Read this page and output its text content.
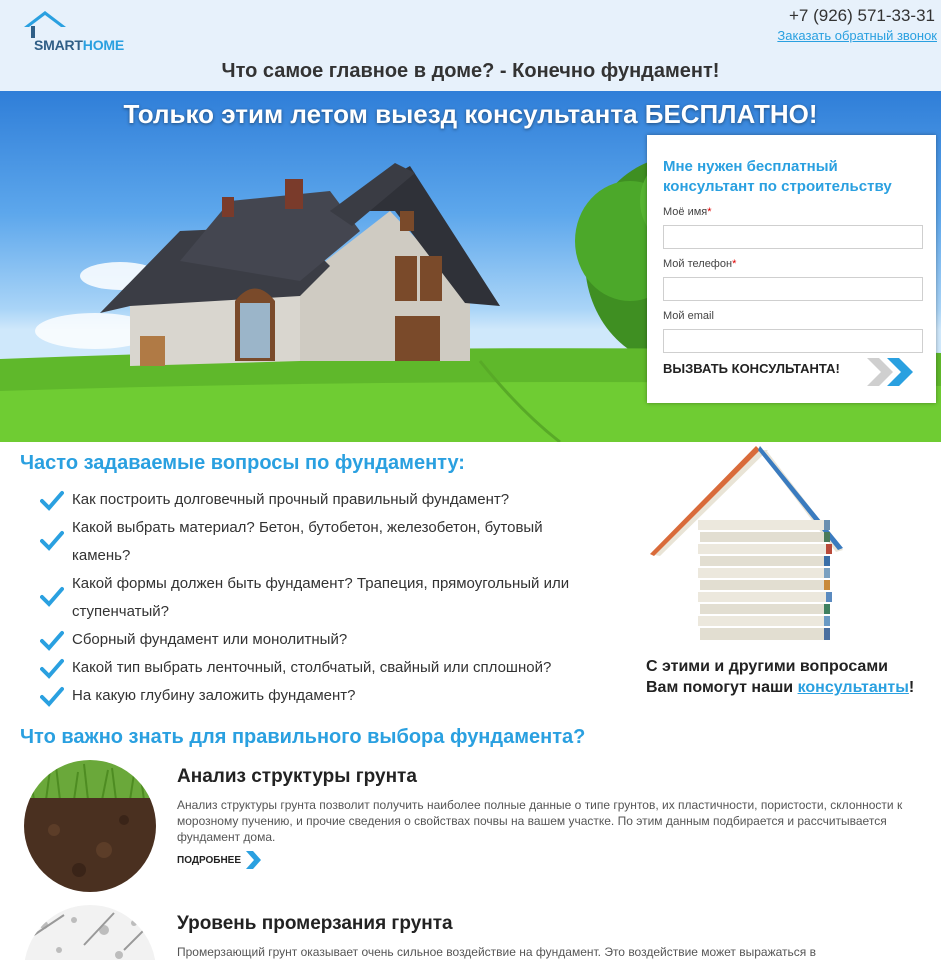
SMARTHOME
+7 (926) 571-33-31
Заказать обратный звонок
Что самое главное в доме? - Конечно фундамент!
Только этим летом выезд консультанта БЕСПЛАТНО!
Мне нужен бесплатный консультант по строительству
Моё имя*
Мой телефон*
Мой email
ВЫЗВАТЬ КОНСУЛЬТАНТА!
Часто задаваемые вопросы по фундаменту:
Как построить долговечный прочный правильный фундамент?
Какой выбрать материал? Бетон, бутобетон, железобетон, бутовый камень?
Какой формы должен быть фундамент? Трапеция, прямоугольный или ступенчатый?
Сборный фундамент или монолитный?
Какой тип выбрать ленточный, столбчатый, свайный или сплошной?
На какую глубину заложить фундамент?
С этими и другими вопросами
Вам помогут наши консультанты!
Что важно знать для правильного выбора фундамента?
Анализ структуры грунта
Анализ структуры грунта позволит получить наиболее полные данные о типе грунтов, их пластичности, пористости, склонности к морозному пучению, и прочие сведения о свойствах почвы на вашем участке. По этим данным подбирается и рассчитывается фундамент дома.
ПОДРОБНЕЕ
Уровень промерзания грунта
Промерзающий грунт оказывает очень сильное воздействие на фундамент. Это воздействие может выражаться в
